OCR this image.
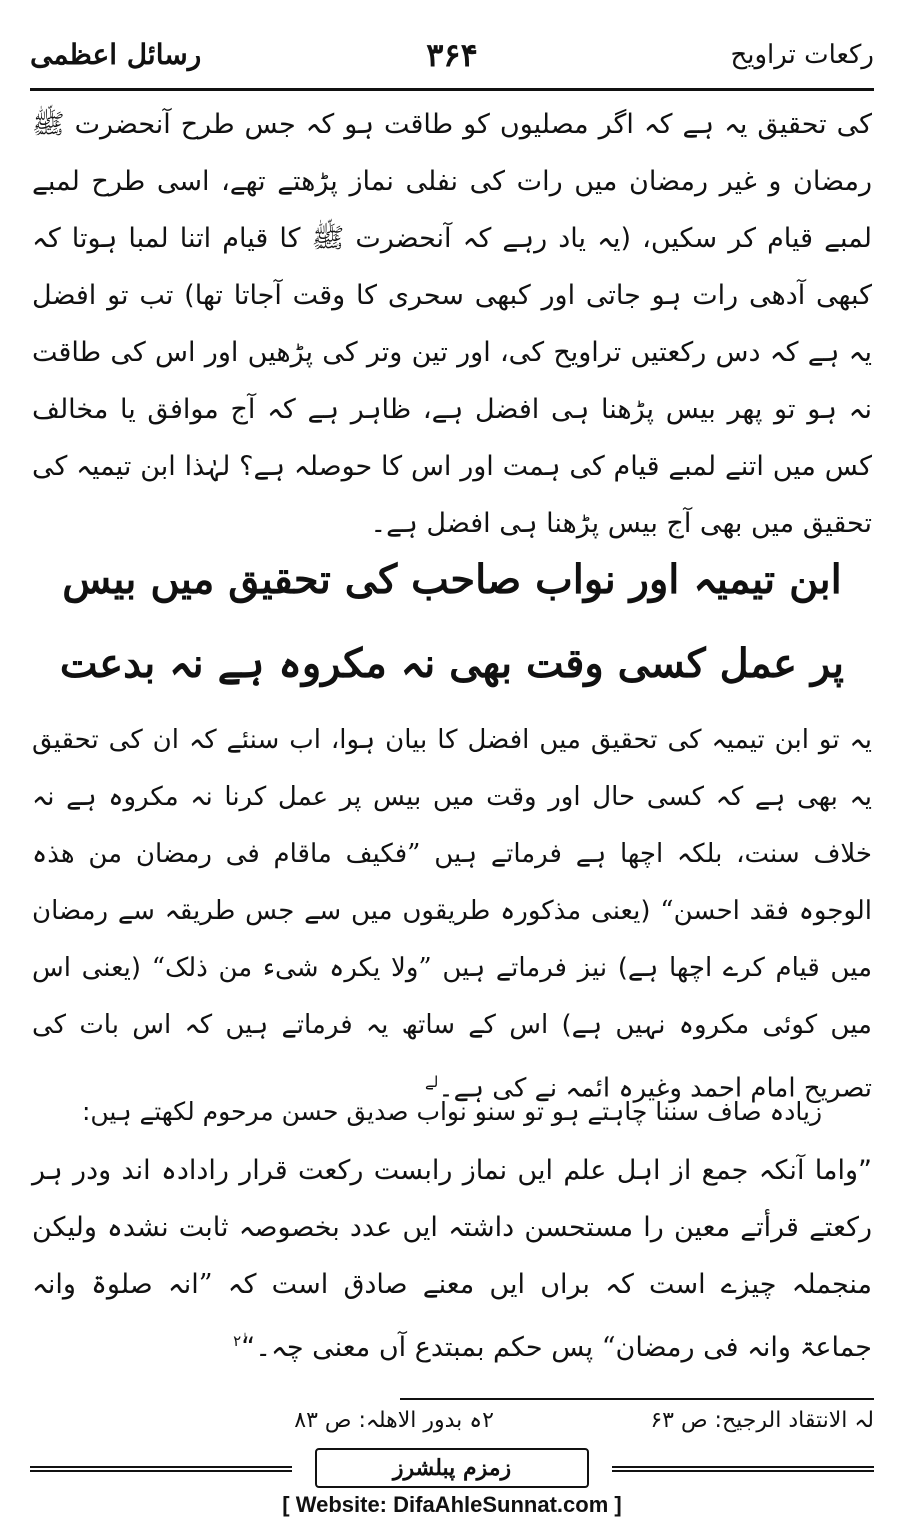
رکعات تراویح
۳۶۴
رسائل اعظمی
کی تحقیق یہ ہے کہ اگر مصلیوں کو طاقت ہو کہ جس طرح آنحضرت ﷺ رمضان و غیر رمضان میں رات کی نفلی نماز پڑھتے تھے، اسی طرح لمبے لمبے قیام کر سکیں، (یہ یاد رہے کہ آنحضرت ﷺ کا قیام اتنا لمبا ہوتا کہ کبھی آدھی رات ہو جاتی اور کبھی سحری کا وقت آجاتا تھا) تب تو افضل یہ ہے کہ دس رکعتیں تراویح کی، اور تین وتر کی پڑھیں اور اس کی طاقت نہ ہو تو پھر بیس پڑھنا ہی افضل ہے، ظاہر ہے کہ آج موافق یا مخالف کس میں اتنے لمبے قیام کی ہمت اور اس کا حوصلہ ہے؟ لہٰذا ابن تیمیہ کی تحقیق میں بھی آج بیس پڑھنا ہی افضل ہے۔
ابن تیمیہ اور نواب صاحب کی تحقیق میں بیس پر عمل کسی وقت بھی نہ مکروہ ہے نہ بدعت
یہ تو ابن تیمیہ کی تحقیق میں افضل کا بیان ہوا، اب سنئے کہ ان کی تحقیق یہ بھی ہے کہ کسی حال اور وقت میں بیس پر عمل کرنا نہ مکروہ ہے نہ خلاف سنت، بلکہ اچھا ہے فرماتے ہیں ”فکیف ماقام فی رمضان من ھذہ الوجوہ فقد احسن“ (یعنی مذکورہ طریقوں میں سے جس طریقہ سے رمضان میں قیام کرے اچھا ہے) نیز فرماتے ہیں ”ولا یکرہ شیء من ذلک“ (یعنی اس میں کوئی مکروہ نہیں ہے) اس کے ساتھ یہ فرماتے ہیں کہ اس بات کی تصریح امام احمد وغیرہ ائمہ نے کی ہے۔$^{لے}$
زیادہ صاف سننا چاہتے ہو تو سنو نواب صدیق حسن مرحوم لکھتے ہیں:
”واما آنکہ جمع از اہل علم ایں نماز رابست رکعت قرار رادادہ اند ودر ہر رکعتے قرأتے معین را مستحسن داشتہ ایں عدد بخصوصہ ثابت نشدہ ولیکن منجملہ چیزے است کہ براں ایں معنے صادق است کہ ”انہ صلوۃ وانہ جماعۃ وانہ فی رمضان“ پس حکم بمبتدع آں معنی چہ۔“$^{ٰ۲}$
لہ الانتقاد الرجیح: ص ۶۳
۲ہ بدور الاھلہ: ص ۸۳
زمزم پبلشرز
[ Website: DifaAhleSunnat.com ]
